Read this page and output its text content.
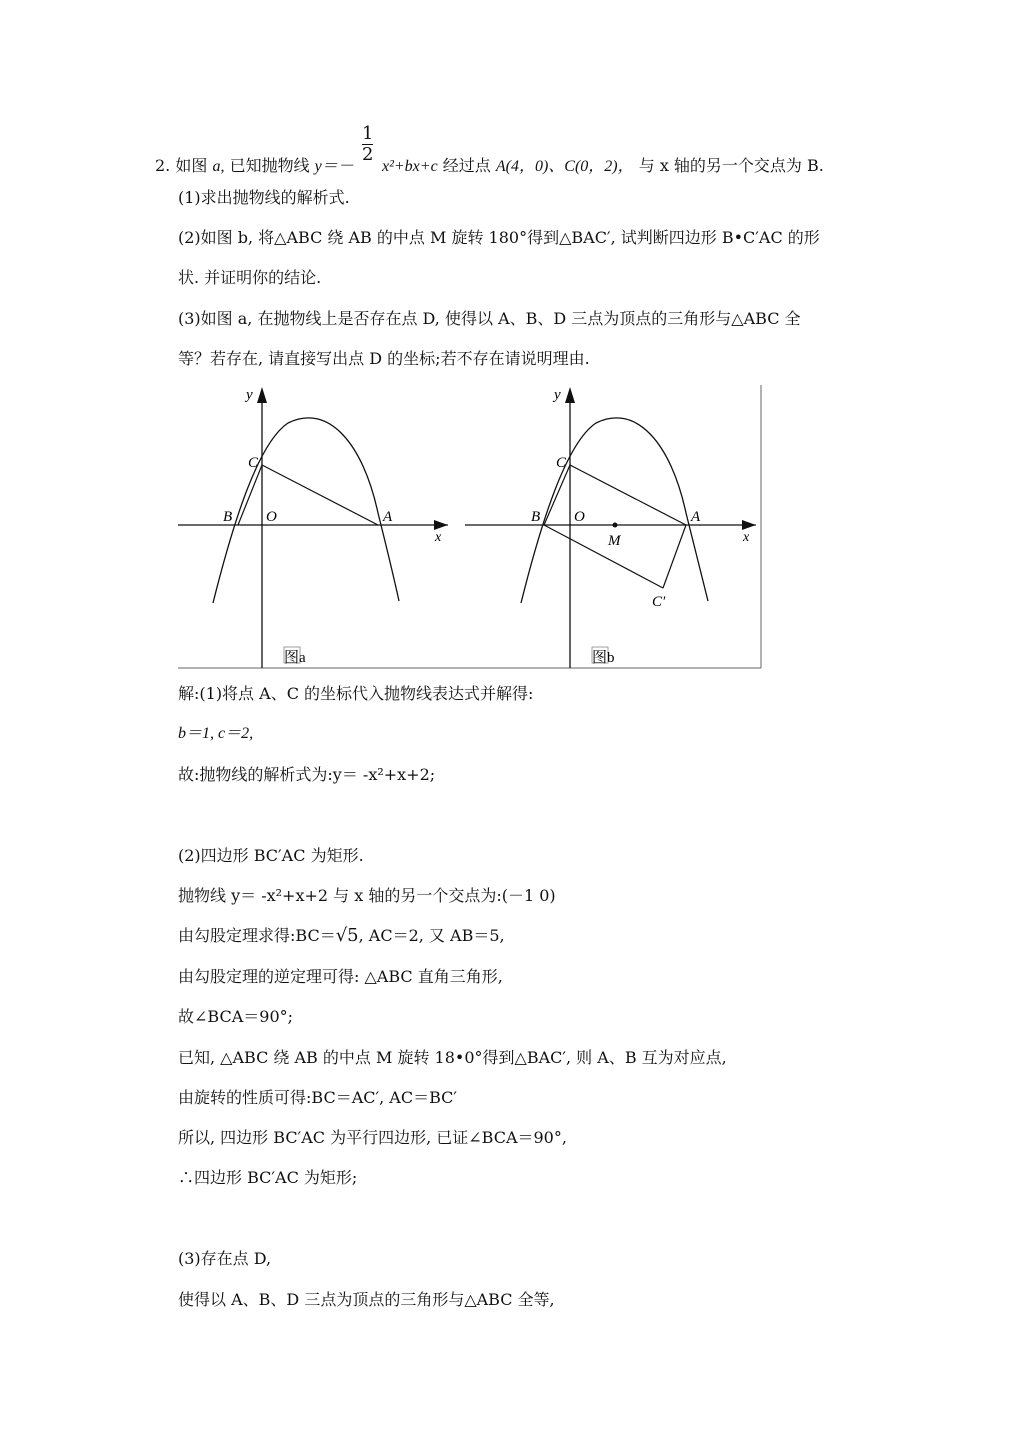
2. 如图 a, 已知抛物线 y＝－ x²+bx+c 经过点 A(4，0)、C(0，2)， 与 x 轴的另一个交点为 B.
$\frac{1}{2}$
(1)求出抛物线的解析式.
(2)如图 b, 将△ABC 绕 AB 的中点 M 旋转 180°得到△BAC′, 试判断四边形 B•C′AC 的形
状. 并证明你的结论.
(3)如图 a, 在抛物线上是否存在点 D, 使得以 A、B、D 三点为顶点的三角形与△ABC 全
等？若存在, 请直接写出点 D 的坐标;若不存在请说明理由.
y
C
B O	A
x
图a
y
C
B O	A
M
C′
x
图b
解:(1)将点 A、C 的坐标代入抛物线表达式并解得:
b＝1, c＝2,
故:抛物线的解析式为:y＝ -x²+x+2;
(2)四边形 BC′AC 为矩形.
抛物线 y＝ -x²+x+2 与 x 轴的另一个交点为:(－1 0)
由勾股定理求得:BC＝√5, AC＝2, 又 AB＝5,
由勾股定理的逆定理可得: △ABC 直角三角形,
故∠BCA＝90°;
已知, △ABC 绕 AB 的中点 M 旋转 18•0°得到△BAC′, 则 A、B 互为对应点,
由旋转的性质可得:BC＝AC′, AC＝BC′
所以, 四边形 BC′AC 为平行四边形, 已证∠BCA＝90°,
∴四边形 BC′AC 为矩形;
(3)存在点 D,
使得以 A、B、D 三点为顶点的三角形与△ABC 全等,
